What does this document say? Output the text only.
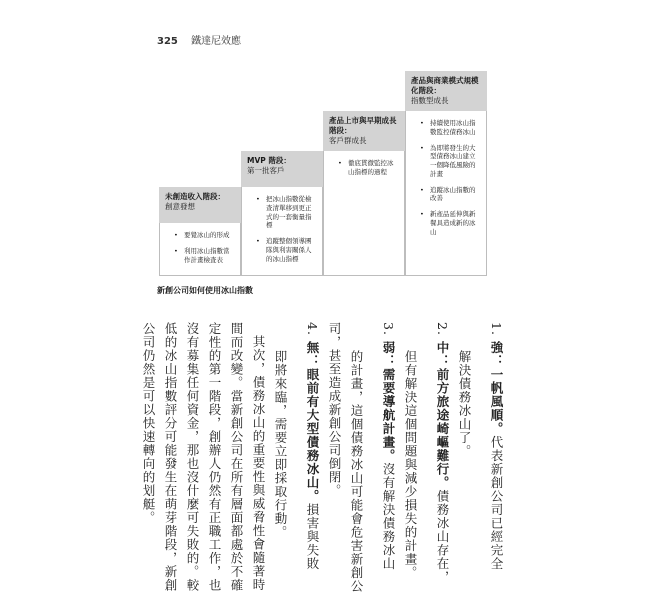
325 鐵達尼效應
未創造收入階段：
創意發想
• 要覺冰山的形成
• 利用冰山指數當作計畫檢査表
MVP 階段：
第一批客戶
• 把冰山指數從檢查清單移到更正式的一套衡量指標
• 追蹤整個領導團隊與利害關係人的冰山指標
產品上市與早期成長階段：
客戶群成長
• 徹底貫徹監控冰山指標的過程
產品與商業模式規模化階段：
指數型成長
• 持續使用冰山指數監控債務冰山
• 為即將發生的大型債務冰山建立一個降低風險的計畫
• 追蹤冰山指數的改善
• 新產品延伸與新餐具造成新的冰山
新創公司如何使用冰山指數

1. 強：一帆風順。代表新創公司已經完全

解決債務冰山了。

2. 中：前方旅途崎嶇難行。債務冰山存在，

但有解決這個問題與減少損失的計畫。

3. 弱：需要導航計畫。沒有解決債務冰山

的計畫，這個債務冰山可能會危害新創公司，甚至造成新創公司倒閉。

4. 無：眼前有大型債務冰山。損害與失敗

即將來臨，需要立即採取行動。

其次，債務冰山的重要性與威脅性會隨著時間而改變。當新創公司在所有層面都處於不確定性的第一階段，創辦人仍然有正職工作，也沒有募集任何資金，那也沒什麼可失敗的。較低的冰山指數評分可能發生在萌芽階段，新創公司仍然是可以快速轉向的划艇。
